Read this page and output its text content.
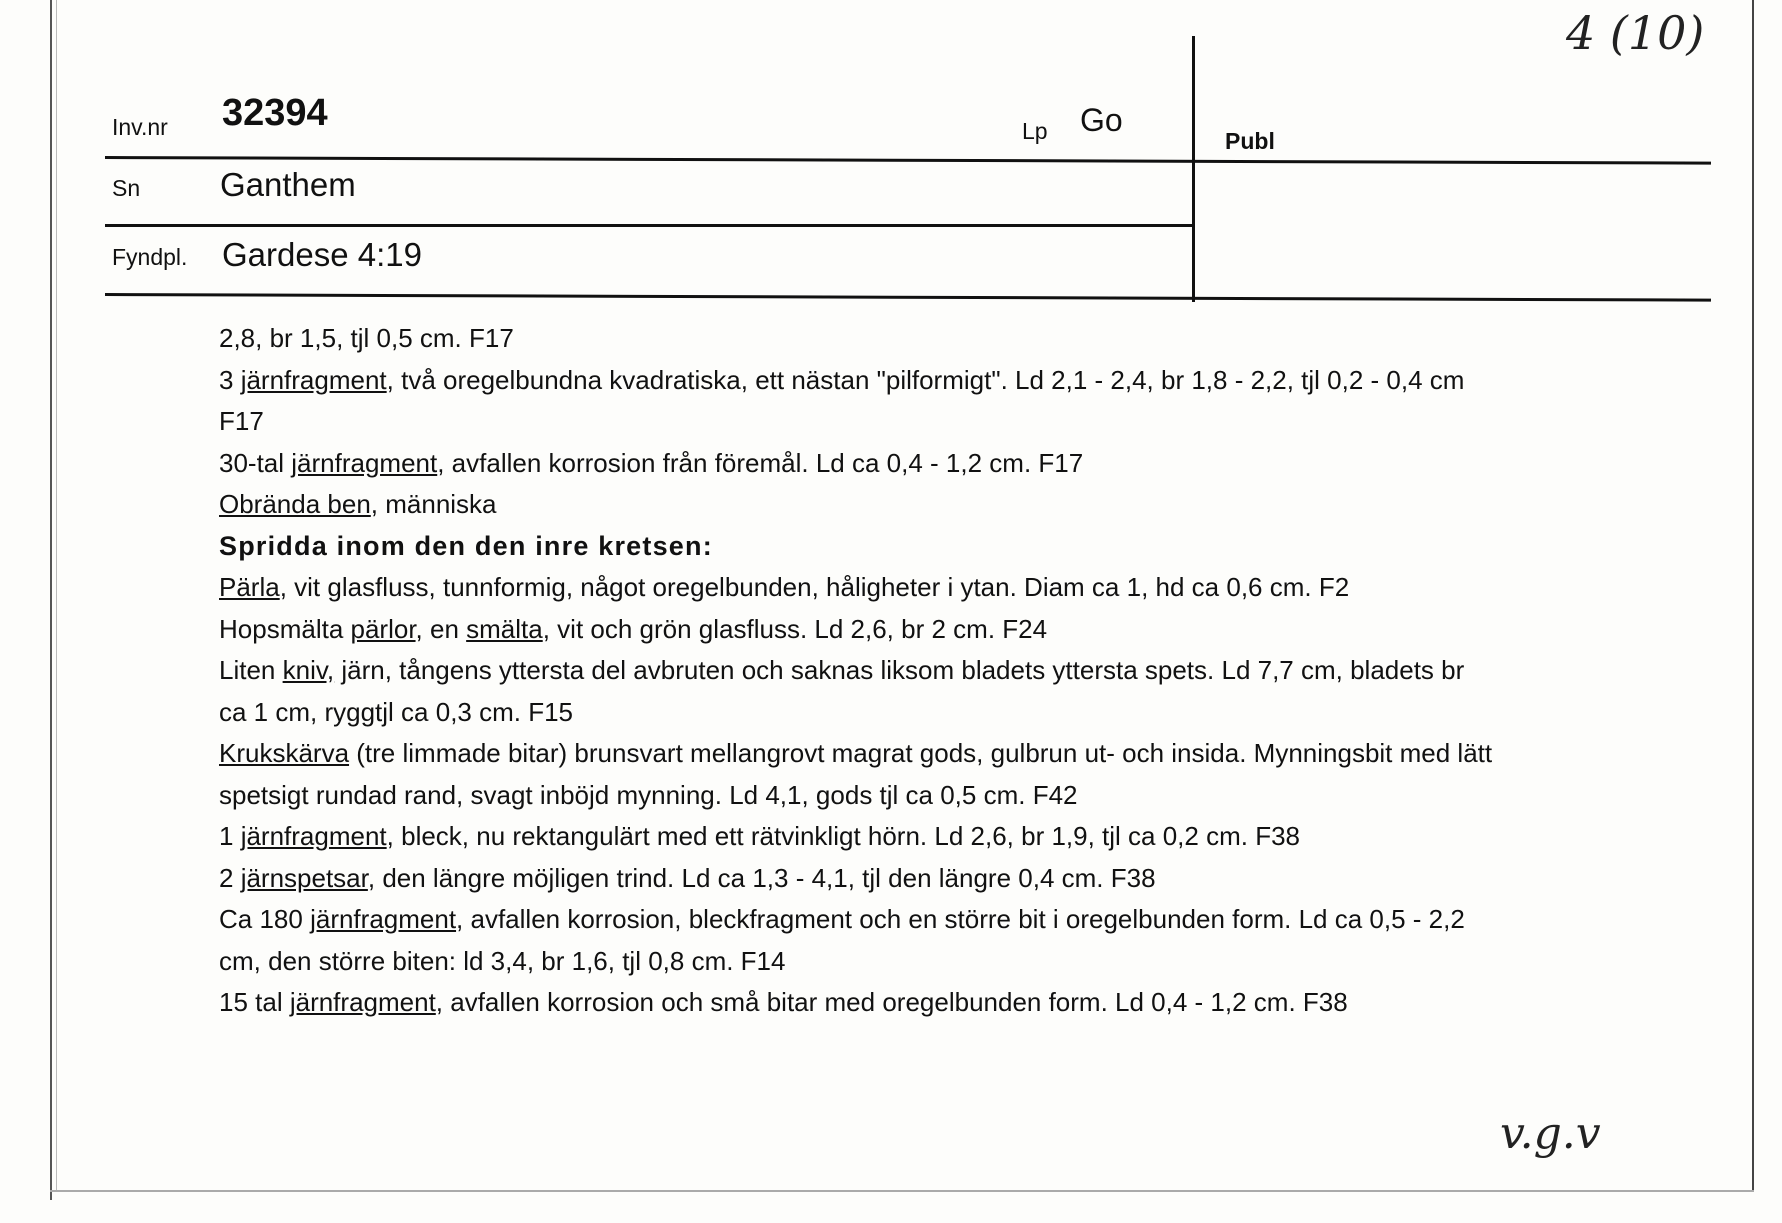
4 (10)
Inv.nr 32394	Lp Go
Publ
Sn Ganthem
Fyndpl. Gardese 4:19

2,8, br 1,5, tjl 0,5 cm. F17

3 järnfragment, två oregelbundna kvadratiska, ett nästan "pilformigt". Ld 2,1 - 2,4, br 1,8 - 2,2, tjl 0,2 - 0,4 cm

F17

30-tal järnfragment, avfallen korrosion från föremål. Ld ca 0,4 - 1,2 cm. F17

Obrända ben, människa

Spridda inom den den inre kretsen:

Pärla, vit glasfluss, tunnformig, något oregelbunden, håligheter i ytan. Diam ca 1, hd ca 0,6 cm. F2

Hopsmälta pärlor, en smälta, vit och grön glasfluss. Ld 2,6, br 2 cm. F24

Liten kniv, järn, tångens yttersta del avbruten och saknas liksom bladets yttersta spets. Ld 7,7 cm, bladets br

ca 1 cm, ryggtjl ca 0,3 cm. F15

Krukskärva (tre limmade bitar) brunsvart mellangrovt magrat gods, gulbrun ut- och insida. Mynningsbit med lätt

spetsigt rundad rand, svagt inböjd mynning. Ld 4,1, gods tjl ca 0,5 cm. F42

1 järnfragment, bleck, nu rektangulärt med ett rätvinkligt hörn. Ld 2,6, br 1,9, tjl ca 0,2 cm. F38

2 järnspetsar, den längre möjligen trind. Ld ca 1,3 - 4,1, tjl den längre 0,4 cm. F38

Ca 180 järnfragment, avfallen korrosion, bleckfragment och en större bit i oregelbunden form. Ld ca 0,5 - 2,2

cm, den större biten: ld 3,4, br 1,6, tjl 0,8 cm. F14

15 tal järnfragment, avfallen korrosion och små bitar med oregelbunden form. Ld 0,4 - 1,2 cm. F38

v.g.v
